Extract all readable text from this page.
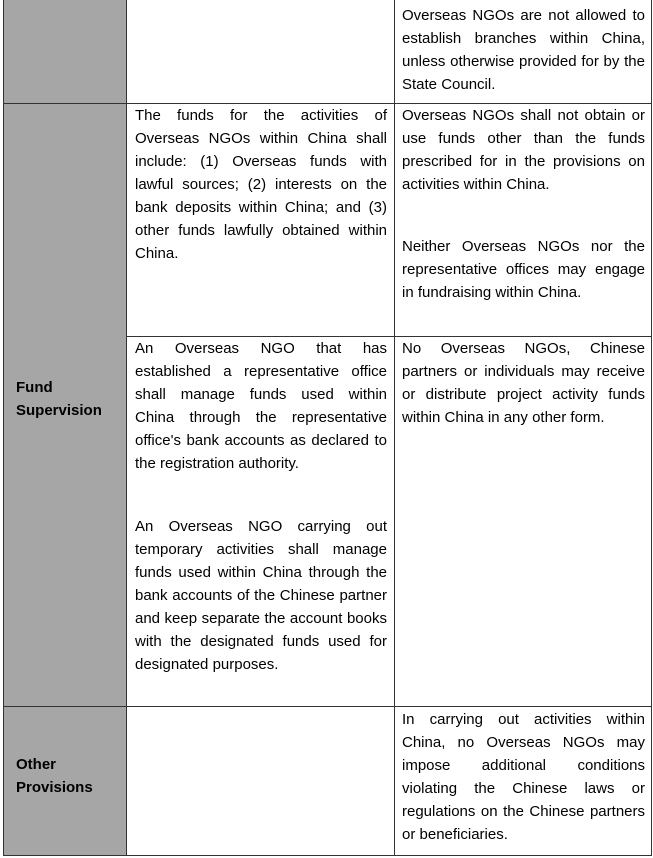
Fund
Supervision
Other
Provisions

Overseas NGOs are not allowed to establish branches within China, unless otherwise provided for by the State Council.

The funds for the activities of Overseas NGOs within China shall include: (1) Overseas funds with lawful sources; (2) interests on the bank deposits within China; and (3) other funds lawfully obtained within China.

Overseas NGOs shall not obtain or use funds other than the funds prescribed for in the provisions on activities within China.

Neither Overseas NGOs nor the representative offices may engage in fundraising within China.

An Overseas NGO that has established a representative office shall manage funds used within China through the representative office's bank accounts as declared to the registration authority.

An Overseas NGO carrying out temporary activities shall manage funds used within China through the bank accounts of the Chinese partner and keep separate the account books with the designated funds used for designated purposes.

No Overseas NGOs, Chinese partners or individuals may receive or distribute project activity funds within China in any other form.

In carrying out activities within China, no Overseas NGOs may impose additional conditions violating the Chinese laws or regulations on the Chinese partners or beneficiaries.
